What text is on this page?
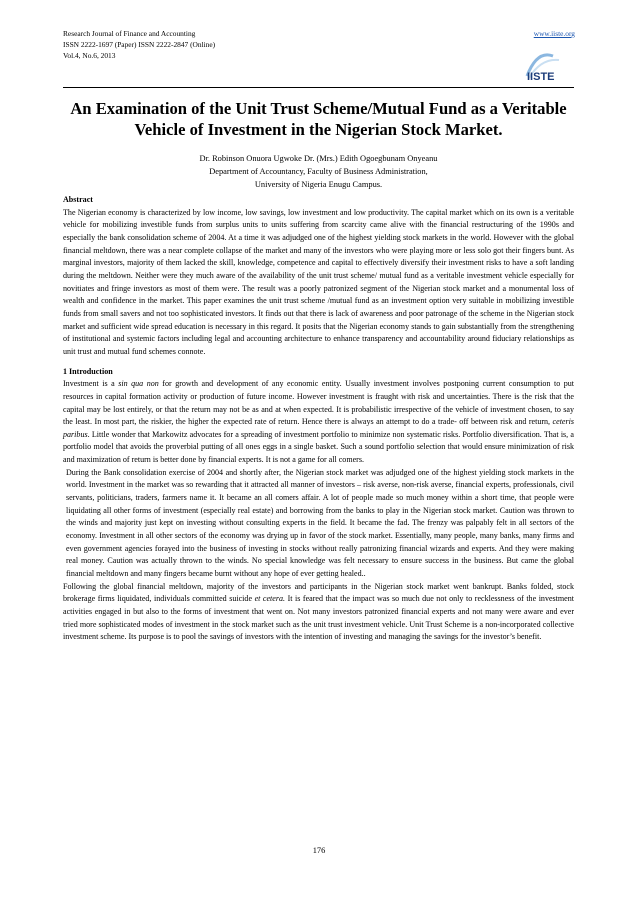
Research Journal of Finance and Accounting
ISSN 2222-1697 (Paper) ISSN 2222-2847 (Online)
Vol.4, No.6, 2013
www.iiste.org
IISTE
An Examination of the Unit Trust Scheme/Mutual Fund as a Veritable Vehicle of Investment in the Nigerian Stock Market.
Dr. Robinson Onuora Ugwoke Dr. (Mrs.) Edith Ogoegbunam Onyeanu
Department of Accountancy, Faculty of Business Administration,
University of Nigeria Enugu Campus.

Abstract

The Nigerian economy is characterized by low income, low savings, low investment and low productivity. The capital market which on its own is a veritable vehicle for mobilizing investible funds from surplus units to units suffering from scarcity came alive with the financial restructuring of the 1990s and especially the bank consolidation scheme of 2004. At a time it was adjudged one of the highest yielding stock markets in the world. However with the global financial meltdown, there was a near complete collapse of the market and many of the investors who were playing more or less solo got their fingers bunt. As marginal investors, majority of them lacked the skill, knowledge, competence and capital to effectively diversify their investment risks to have a soft landing during the meltdown. Neither were they much aware of the availability of the unit trust scheme/ mutual fund as a veritable investment vehicle especially for novitiates and fringe investors as most of them were. The result was a poorly patronized segment of the Nigerian stock market and a monumental loss of wealth and confidence in the market. This paper examines the unit trust scheme /mutual fund as an investment option very suitable in mobilizing investible funds from small savers and not too sophisticated investors. It finds out that there is lack of awareness and poor patronage of the scheme in the Nigerian stock market and sufficient wide spread education is necessary in this regard. It posits that the Nigerian economy stands to gain substantially from the strengthening of institutional and systemic factors including legal and accounting architecture to enhance transparency and accountability around fiduciary relationships as unit trust and mutual fund schemes connote.

1 Introduction

Investment is a sin qua non for growth and development of any economic entity. Usually investment involves postponing current consumption to put resources in capital formation activity or production of future income. However investment is fraught with risk and uncertainties. There is the risk that the capital may be lost entirely, or that the return may not be as and at when expected. It is probabilistic irrespective of the vehicle of investment chosen, to say the least. In most part, the riskier, the higher the expected rate of return. Hence there is always an attempt to do a trade- off between risk and return, ceteris paribus. Little wonder that Markowitz advocates for a spreading of investment portfolio to minimize non systematic risks. Portfolio diversification. That is, a portfolio model that avoids the proverbial putting of all ones eggs in a single basket. Such a sound portfolio selection that would ensure minimization of risk and maximization of return is better done by financial experts. It is not a game for all comers.

During the Bank consolidation exercise of 2004 and shortly after, the Nigerian stock market was adjudged one of the highest yielding stock markets in the world. Investment in the market was so rewarding that it attracted all manner of investors – risk averse, non-risk averse, financial experts, professionals, civil servants, politicians, traders, farmers name it. It became an all comers affair. A lot of people made so much money within a short time, that people were liquidating all other forms of investment (especially real estate) and borrowing from the banks to play in the Nigerian stock market. Caution was thrown to the winds and majority just kept on investing without consulting experts in the field. It became the fad. The frenzy was palpably felt in all sectors of the economy. Investment in all other sectors of the economy was drying up in favor of the stock market. Essentially, many people, many banks, many firms and even government agencies forayed into the business of investing in stocks without really patronizing financial wizards and experts. And they were making real money. Caution was actually thrown to the winds. No special knowledge was felt necessary to ensure success in the business. But came the global financial meltdown and many fingers became burnt without any hope of ever getting healed..

Following the global financial meltdown, majority of the investors and participants in the Nigerian stock market went bankrupt. Banks folded, stock brokerage firms liquidated, individuals committed suicide et cetera. It is feared that the impact was so much due not only to recklessness of the investment activities engaged in but also to the forms of investment that went on. Not many investors patronized financial experts and not many were aware and ever tried more sophisticated modes of investment in the stock market such as the unit trust investment vehicle. Unit Trust Scheme is a non-incorporated collective investment scheme. Its purpose is to pool the savings of investors with the intention of investing and managing the savings for the investor’s benefit.

176
